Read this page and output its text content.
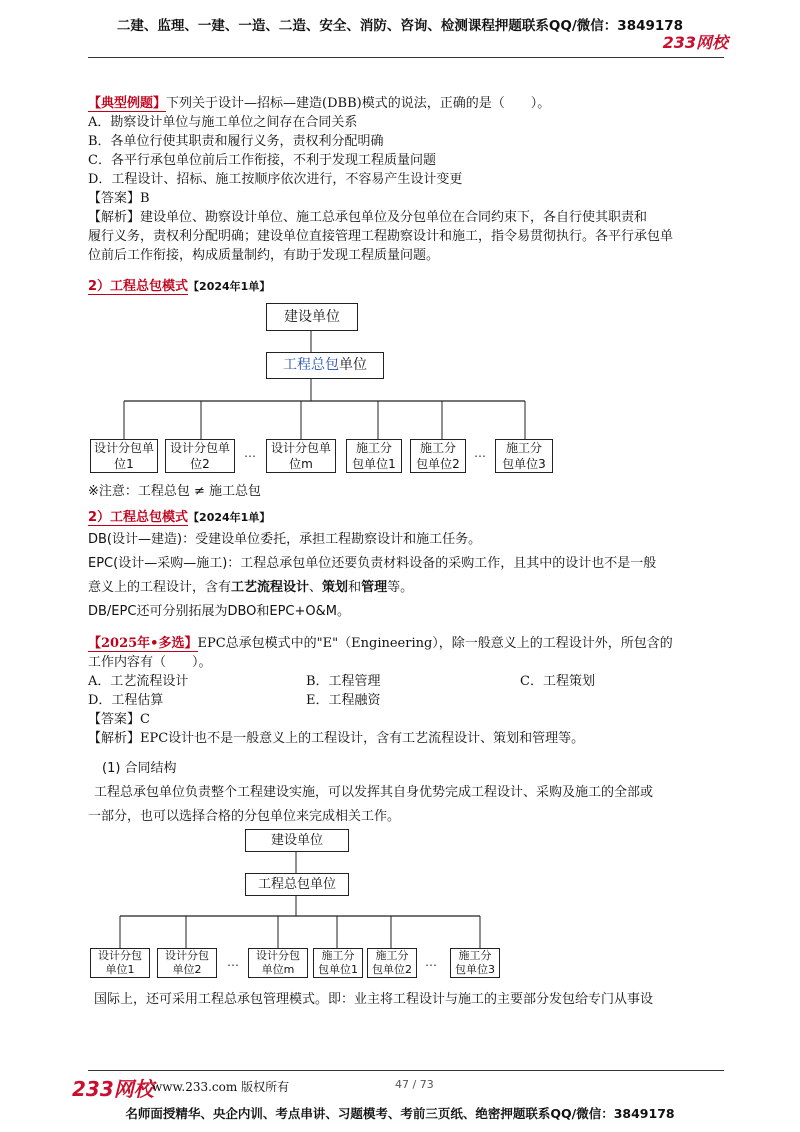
二建、监理、一建、一造、二造、安全、消防、咨询、检测课程押题联系QQ/微信：3849178
233网校
【典型例题】下列关于设计—招标—建造(DBB)模式的说法，正确的是（　　）。
A．勘察设计单位与施工单位之间存在合同关系
B．各单位行使其职责和履行义务，责权利分配明确
C．各平行承包单位前后工作衔接，不利于发现工程质量问题
D．工程设计、招标、施工按顺序依次进行，不容易产生设计变更
【答案】B
【解析】建设单位、勘察设计单位、施工总承包单位及分包单位在合同约束下，各自行使其职责和
履行义务，责权利分配明确；建设单位直接管理工程勘察设计和施工，指令易贯彻执行。各平行承包单
位前后工作衔接，构成质量制约，有助于发现工程质量问题。
2）工程总包模式【2024年1单】
建设单位
工程总包单位
设计分包单
位1
设计分包单
位2
…	设计分包单
位m
施工分
包单位1
施工分
包单位2
…	施工分
包单位3
※注意：工程总包 ≠ 施工总包
2）工程总包模式【2024年1单】
DB(设计—建造)：受建设单位委托，承担工程勘察设计和施工任务。
EPC(设计—采购—施工)：工程总承包单位还要负责材料设备的采购工作，且其中的设计也不是一般
意义上的工程设计，含有工艺流程设计、策划和管理等。
DB/EPC还可分别拓展为DBO和EPC+O&M。
【2025年•多选】EPC总承包模式中的"E"（Engineering），除一般意义上的工程设计外，所包含的
工作内容有（　　）。
A．工艺流程设计	B．工程管理	C．工程策划
D．工程估算	E．工程融资
【答案】C
【解析】EPC设计也不是一般意义上的工程设计，含有工艺流程设计、策划和管理等。
(1) 合同结构
工程总承包单位负责整个工程建设实施，可以发挥其自身优势完成工程设计、采购及施工的全部或
一部分，也可以选择合格的分包单位来完成相关工作。
建设单位
工程总包单位
设计分包
单位1
设计分包
单位2
…	设计分包
单位m
施工分
包单位1
施工分
包单位2
…	施工分
包单位3
国际上，还可采用工程总承包管理模式。即：业主将工程设计与施工的主要部分发包给专门从事设
233网校
www.233.com 版权所有	47 / 73
名师面授精华、央企内训、考点串讲、习题模考、考前三页纸、绝密押题联系QQ/微信：3849178
